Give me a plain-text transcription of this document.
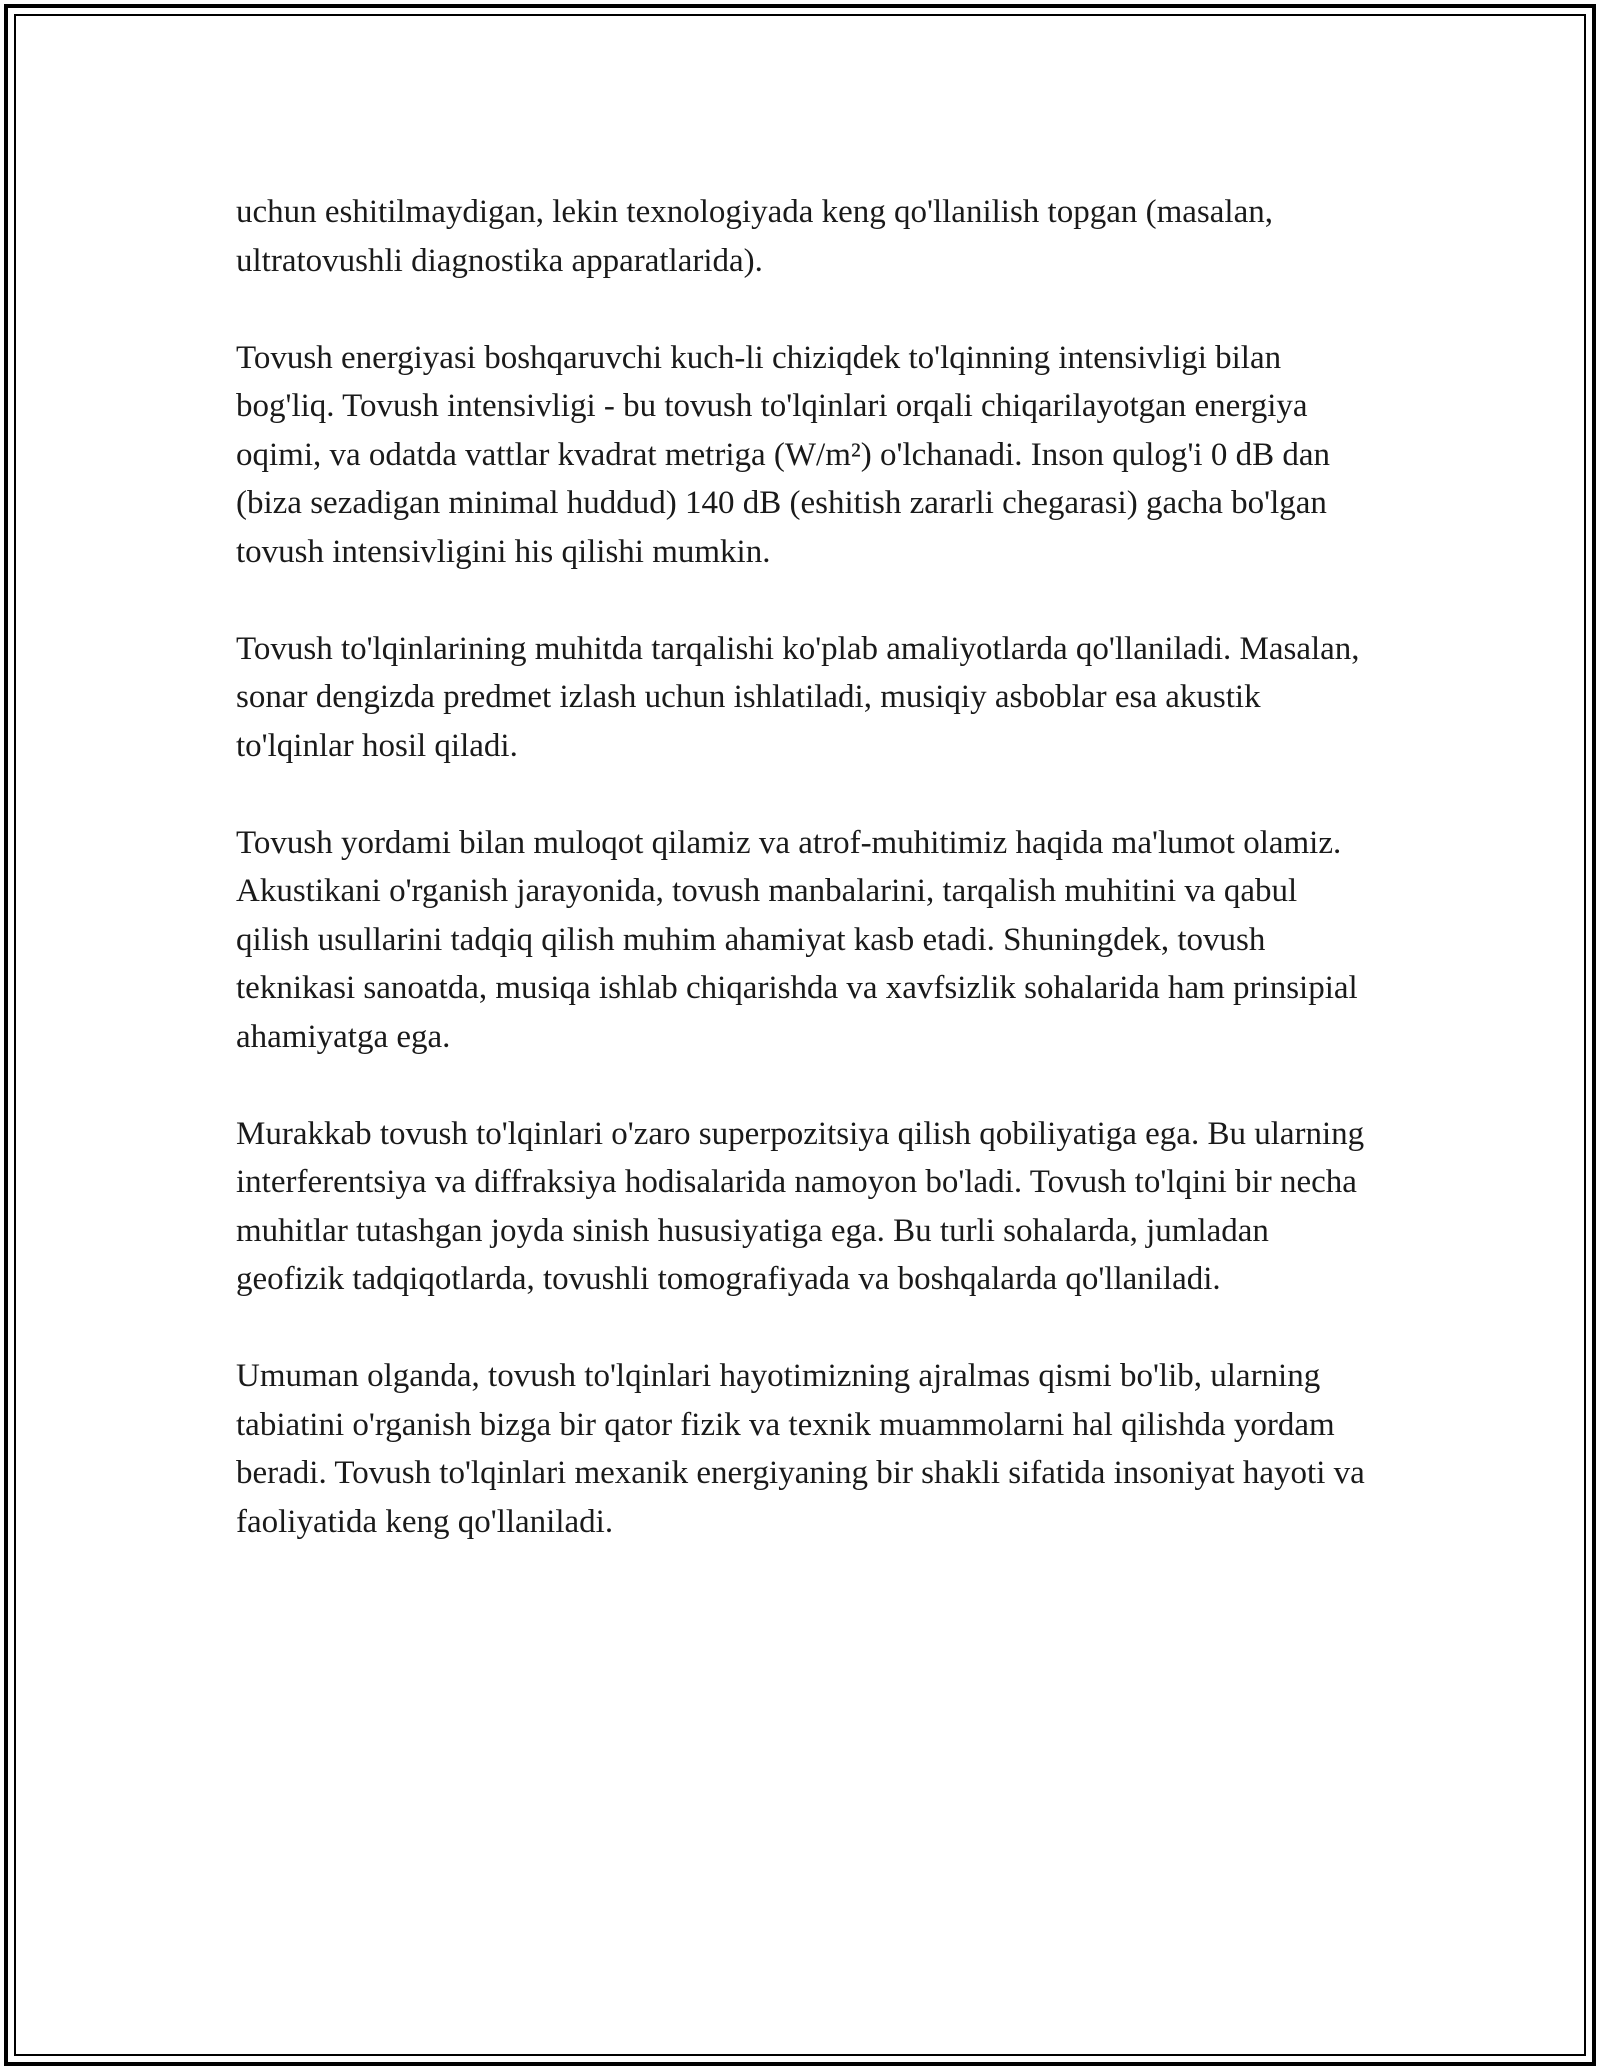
uchun eshitilmaydigan, lekin texnologiyada keng qo'llanilish topgan (masalan, ultratovushli diagnostika apparatlarida).

Tovush energiyasi boshqaruvchi kuch-li chiziqdek to'lqinning intensivligi bilan bog'liq. Tovush intensivligi - bu tovush to'lqinlari orqali chiqarilayotgan energiya oqimi, va odatda vattlar kvadrat metriga (W/m²) o'lchanadi. Inson qulog'i 0 dB dan (biza sezadigan minimal huddud) 140 dB (eshitish zararli chegarasi) gacha bo'lgan tovush intensivligini his qilishi mumkin.

Tovush to'lqinlarining muhitda tarqalishi ko'plab amaliyotlarda qo'llaniladi. Masalan, sonar dengizda predmet izlash uchun ishlatiladi, musiqiy asboblar esa akustik to'lqinlar hosil qiladi.

Tovush yordami bilan muloqot qilamiz va atrof-muhitimiz haqida ma'lumot olamiz. Akustikani o'rganish jarayonida, tovush manbalarini, tarqalish muhitini va qabul qilish usullarini tadqiq qilish muhim ahamiyat kasb etadi. Shuningdek, tovush teknikasi sanoatda, musiqa ishlab chiqarishda va xavfsizlik sohalarida ham prinsipial ahamiyatga ega.

Murakkab tovush to'lqinlari o'zaro superpozitsiya qilish qobiliyatiga ega. Bu ularning interferentsiya va diffraksiya hodisalarida namoyon bo'ladi. Tovush to'lqini bir necha muhitlar tutashgan joyda sinish hususiyatiga ega. Bu turli sohalarda, jumladan geofizik tadqiqotlarda, tovushli tomografiyada va boshqalarda qo'llaniladi.

Umuman olganda, tovush to'lqinlari hayotimizning ajralmas qismi bo'lib, ularning tabiatini o'rganish bizga bir qator fizik va texnik muammolarni hal qilishda yordam beradi. Tovush to'lqinlari mexanik energiyaning bir shakli sifatida insoniyat hayoti va faoliyatida keng qo'llaniladi.
